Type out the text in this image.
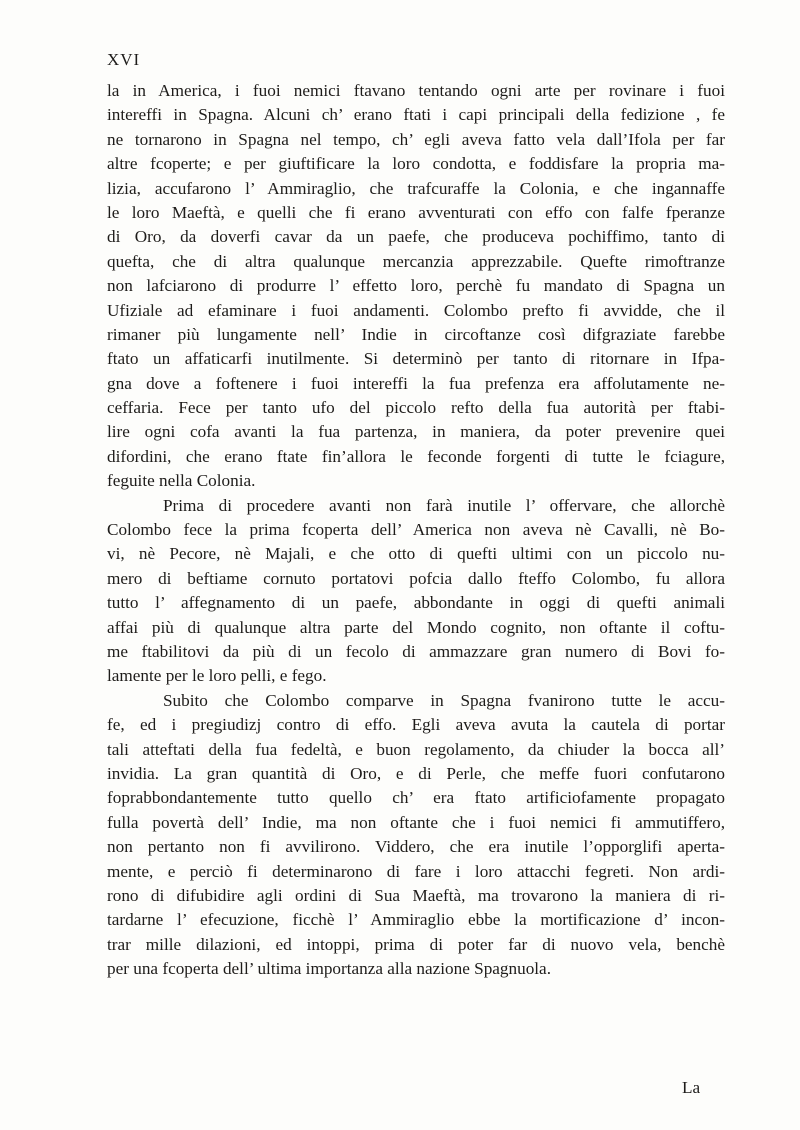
XVI
la in America, i fuoi nemici ftavano tentando ogni arte per rovinare i fuoi
intereffi in Spagna. Alcuni ch’ erano ftati i capi principali della fedizione , fe
ne tornarono in Spagna nel tempo, ch’ egli aveva fatto vela dall’Ifola per far
altre fcoperte; e per giuftificare la loro condotta, e foddisfare la propria ma-
lizia, accufarono l’ Ammiraglio, che trafcuraffe la Colonia, e che ingannaffe
le loro Maeftà, e quelli che fi erano avventurati con effo con falfe fperanze
di Oro, da doverfi cavar da un paefe, che produceva pochiffimo, tanto di
quefta, che di altra qualunque mercanzia apprezzabile. Quefte rimoftranze
non lafciarono di produrre l’ effetto loro, perchè fu mandato di Spagna un
Ufiziale ad efaminare i fuoi andamenti. Colombo prefto fi avvidde, che il
rimaner più lungamente nell’ Indie in circoftanze così difgraziate farebbe
ftato un affaticarfi inutilmente. Si determinò per tanto di ritornare in Ifpa-
gna dove a foftenere i fuoi intereffi la fua prefenza era affolutamente ne-
ceffaria. Fece per tanto ufo del piccolo refto della fua autorità per ftabi-
lire ogni cofa avanti la fua partenza, in maniera, da poter prevenire quei
difordini, che erano ftate fin’allora le feconde forgenti di tutte le fciagure,
feguite nella Colonia.
Prima di procedere avanti non farà inutile l’ offervare, che allorchè
Colombo fece la prima fcoperta dell’ America non aveva nè Cavalli, nè Bo-
vi, nè Pecore, nè Majali, e che otto di quefti ultimi con un piccolo nu-
mero di beftiame cornuto portatovi pofcia dallo fteffo Colombo, fu allora
tutto l’ affegnamento di un paefe, abbondante in oggi di quefti animali
affai più di qualunque altra parte del Mondo cognito, non oftante il coftu-
me ftabilitovi da più di un fecolo di ammazzare gran numero di Bovi fo-
lamente per le loro pelli, e fego.
Subito che Colombo comparve in Spagna fvanirono tutte le accu-
fe, ed i pregiudizj contro di effo. Egli aveva avuta la cautela di portar
tali atteftati della fua fedeltà, e buon regolamento, da chiuder la bocca all’
invidia. La gran quantità di Oro, e di Perle, che meffe fuori confutarono
foprabbondantemente tutto quello ch’ era ftato artificiofamente propagato
fulla povertà dell’ Indie, ma non oftante che i fuoi nemici fi ammutiffero,
non pertanto non fi avvilirono. Viddero, che era inutile l’opporglifi aperta-
mente, e perciò fi determinarono di fare i loro attacchi fegreti. Non ardi-
rono di difubidire agli ordini di Sua Maeftà, ma trovarono la maniera di ri-
tardarne l’ efecuzione, ficchè l’ Ammiraglio ebbe la mortificazione d’ incon-
trar mille dilazioni, ed intoppi, prima di poter far di nuovo vela, benchè
per una fcoperta dell’ ultima importanza alla nazione Spagnuola.
La
